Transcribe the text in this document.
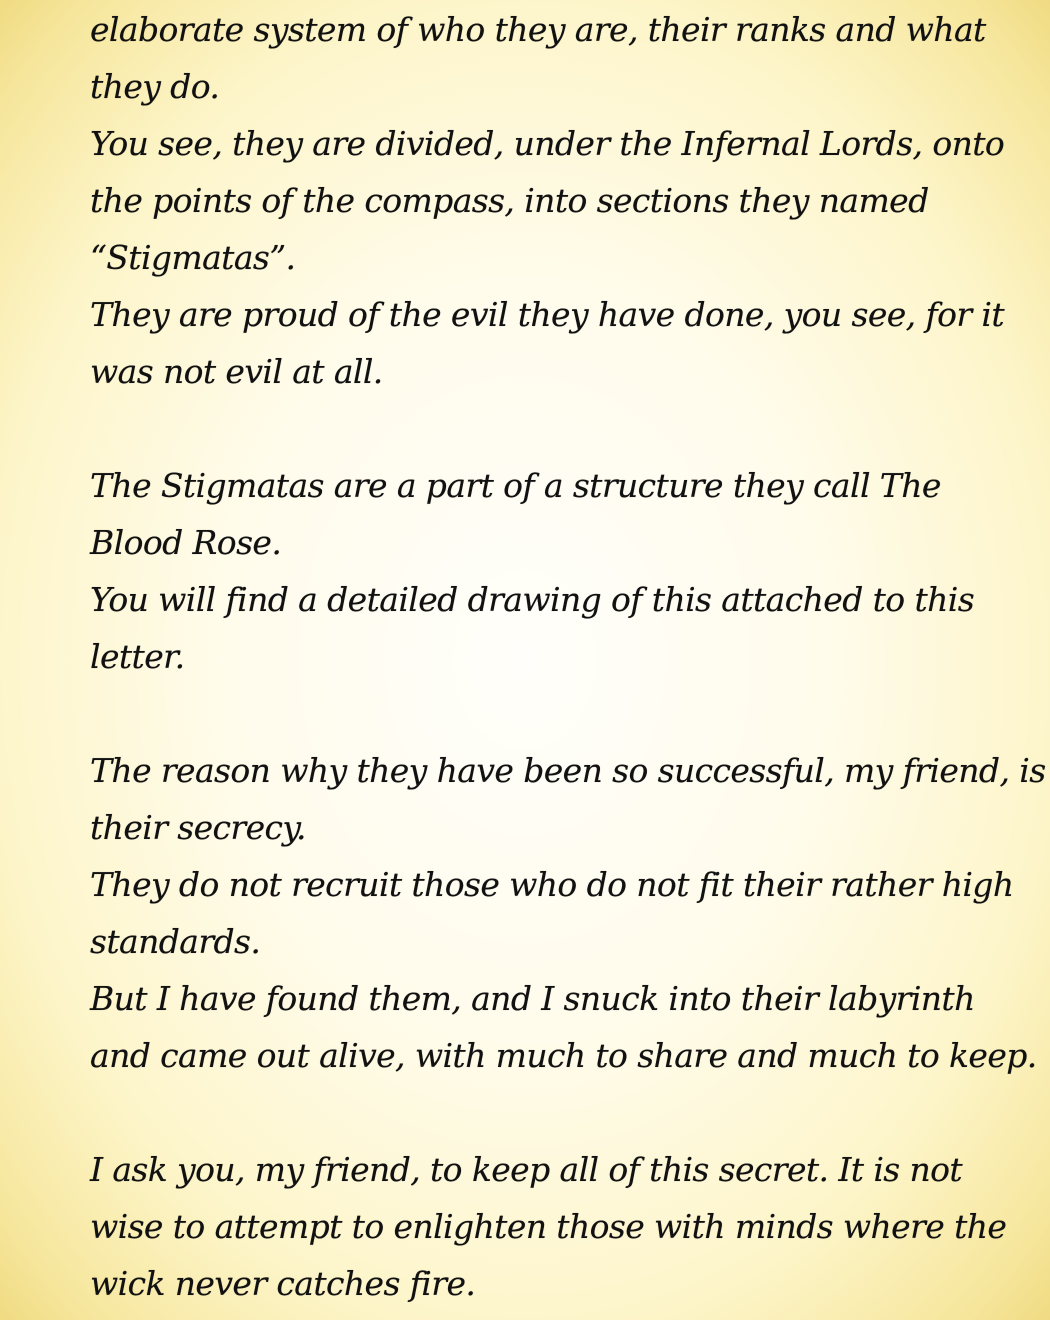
elaborate system of who they are, their ranks and what

they do.

You see, they are divided, under the Infernal Lords, onto

the points of the compass, into sections they named

“Stigmatas”.

They are proud of the evil they have done, you see, for it

was not evil at all.

The Stigmatas are a part of a structure they call The

Blood Rose.

You will find a detailed drawing of this attached to this

letter.

The reason why they have been so successful, my friend, is

their secrecy.

They do not recruit those who do not fit their rather high

standards.

But I have found them, and I snuck into their labyrinth

and came out alive, with much to share and much to keep.

I ask you, my friend, to keep all of this secret. It is not

wise to attempt to enlighten those with minds where the

wick never catches fire.
